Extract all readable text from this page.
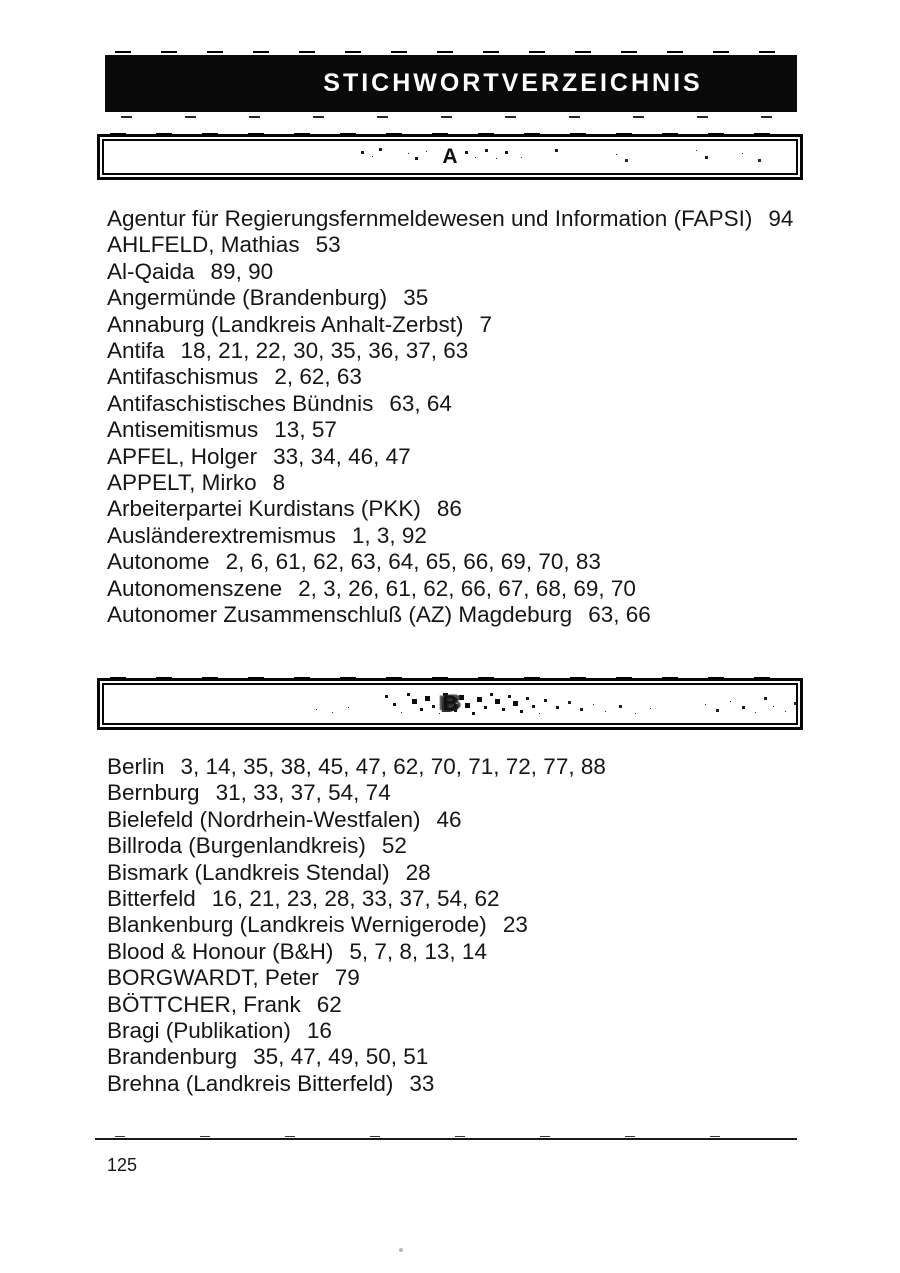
STICHWORTVERZEICHNIS
A
Agentur für Regierungsfernmeldewesen und Information (FAPSI) 94
AHLFELD, Mathias 53
Al-Qaida 89, 90
Angermünde (Brandenburg) 35
Annaburg (Landkreis Anhalt-Zerbst) 7
Antifa 18, 21, 22, 30, 35, 36, 37, 63
Antifaschismus 2, 62, 63
Antifaschistisches Bündnis 63, 64
Antisemitismus 13, 57
APFEL, Holger 33, 34, 46, 47
APPELT, Mirko 8
Arbeiterpartei Kurdistans (PKK) 86
Ausländerextremismus 1, 3, 92
Autonome 2, 6, 61, 62, 63, 64, 65, 66, 69, 70, 83
Autonomenszene 2, 3, 26, 61, 62, 66, 67, 68, 69, 70
Autonomer Zusammenschluß (AZ) Magdeburg 63, 66
B
Berlin 3, 14, 35, 38, 45, 47, 62, 70, 71, 72, 77, 88
Bernburg 31, 33, 37, 54, 74
Bielefeld (Nordrhein-Westfalen) 46
Billroda (Burgenlandkreis) 52
Bismark (Landkreis Stendal) 28
Bitterfeld 16, 21, 23, 28, 33, 37, 54, 62
Blankenburg (Landkreis Wernigerode) 23
Blood & Honour (B&H) 5, 7, 8, 13, 14
BORGWARDT, Peter 79
BÖTTCHER, Frank 62
Bragi (Publikation) 16
Brandenburg 35, 47, 49, 50, 51
Brehna (Landkreis Bitterfeld) 33
125
